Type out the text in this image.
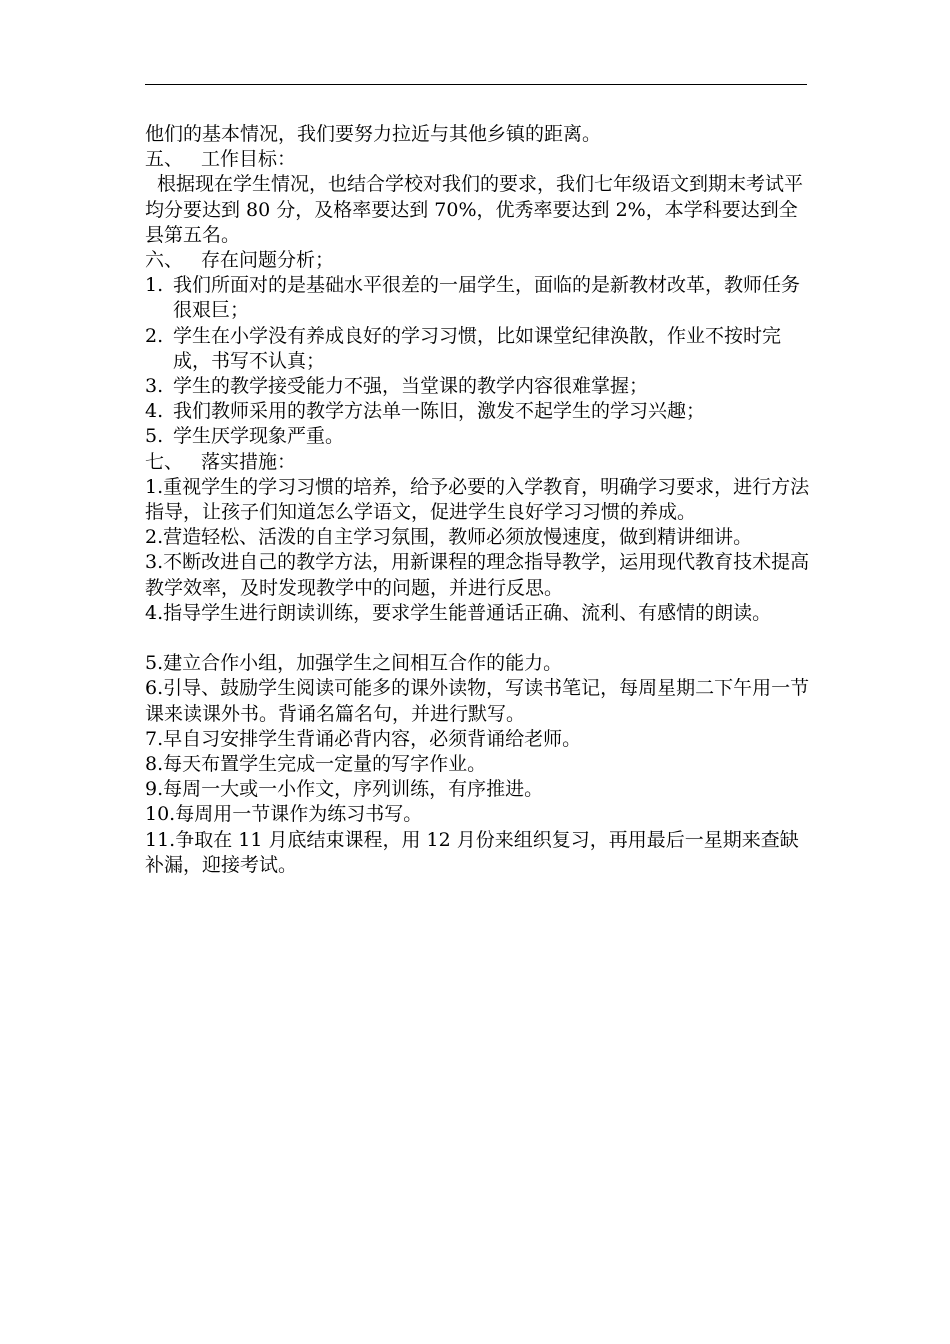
他们的基本情况，我们要努力拉近与其他乡镇的距离。

五、 工作目标：

根据现在学生情况，也结合学校对我们的要求，我们七年级语文到期末考试平均分要达到 80 分，及格率要达到 70%，优秀率要达到 2%，本学科要达到全县第五名。

六、 存在问题分析；

1. 我们所面对的是基础水平很差的一届学生，面临的是新教材改革，教师任务很艰巨；
2. 学生在小学没有养成良好的学习习惯，比如课堂纪律涣散，作业不按时完成，书写不认真；
3. 学生的教学接受能力不强，当堂课的教学内容很难掌握；
4. 我们教师采用的教学方法单一陈旧，激发不起学生的学习兴趣；
5. 学生厌学现象严重。

七、 落实措施：

1.重视学生的学习习惯的培养，给予必要的入学教育，明确学习要求，进行方法指导，让孩子们知道怎么学语文，促进学生良好学习习惯的养成。

2.营造轻松、活泼的自主学习氛围，教师必须放慢速度，做到精讲细讲。

3.不断改进自己的教学方法，用新课程的理念指导教学，运用现代教育技术提高教学效率，及时发现教学中的问题，并进行反思。

4.指导学生进行朗读训练，要求学生能普通话正确、流利、有感情的朗读。

5.建立合作小组，加强学生之间相互合作的能力。

6.引导、鼓励学生阅读可能多的课外读物，写读书笔记，每周星期二下午用一节课来读课外书。背诵名篇名句，并进行默写。

7.早自习安排学生背诵必背内容，必须背诵给老师。

8.每天布置学生完成一定量的写字作业。

9.每周一大或一小作文，序列训练，有序推进。

10.每周用一节课作为练习书写。

11.争取在 11 月底结束课程，用 12 月份来组织复习，再用最后一星期来查缺补漏，迎接考试。
